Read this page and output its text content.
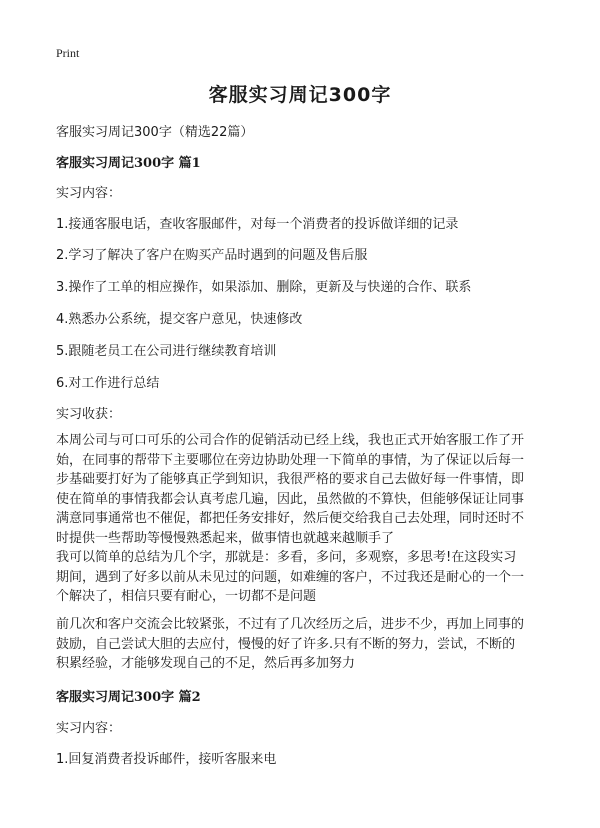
Print
客服实习周记300字
客服实习周记300字（精选22篇）
客服实习周记300字 篇1
实习内容：
1.接通客服电话，查收客服邮件，对每一个消费者的投诉做详细的记录
2.学习了解决了客户在购买产品时遇到的问题及售后服
3.操作了工单的相应操作，如果添加、删除，更新及与快递的合作、联系
4.熟悉办公系统，提交客户意见，快速修改
5.跟随老员工在公司进行继续教育培训
6.对工作进行总结
实习收获：
本周公司与可口可乐的公司合作的促销活动已经上线，我也正式开始客服工作了开
始，在同事的帮带下主要哪位在旁边协助处理一下简单的事情，为了保证以后每一
步基础要打好为了能够真正学到知识，我很严格的要求自己去做好每一件事情，即
使在简单的事情我都会认真考虑几遍，因此，虽然做的不算快，但能够保证让同事
满意同事通常也不催促，都把任务安排好，然后便交给我自己去处理，同时还时不
时提供一些帮助等慢慢熟悉起来，做事情也就越来越顺手了
我可以简单的总结为几个字，那就是：多看，多问，多观察，多思考!在这段实习
期间，遇到了好多以前从未见过的问题，如难缠的客户，不过我还是耐心的一个一
个解决了，相信只要有耐心，一切都不是问题
前几次和客户交流会比较紧张，不过有了几次经历之后，进步不少，再加上同事的
鼓励，自己尝试大胆的去应付，慢慢的好了许多.只有不断的努力，尝试，不断的
积累经验，才能够发现自己的不足，然后再多加努力
客服实习周记300字 篇2
实习内容：
1.回复消费者投诉邮件，接听客服来电
